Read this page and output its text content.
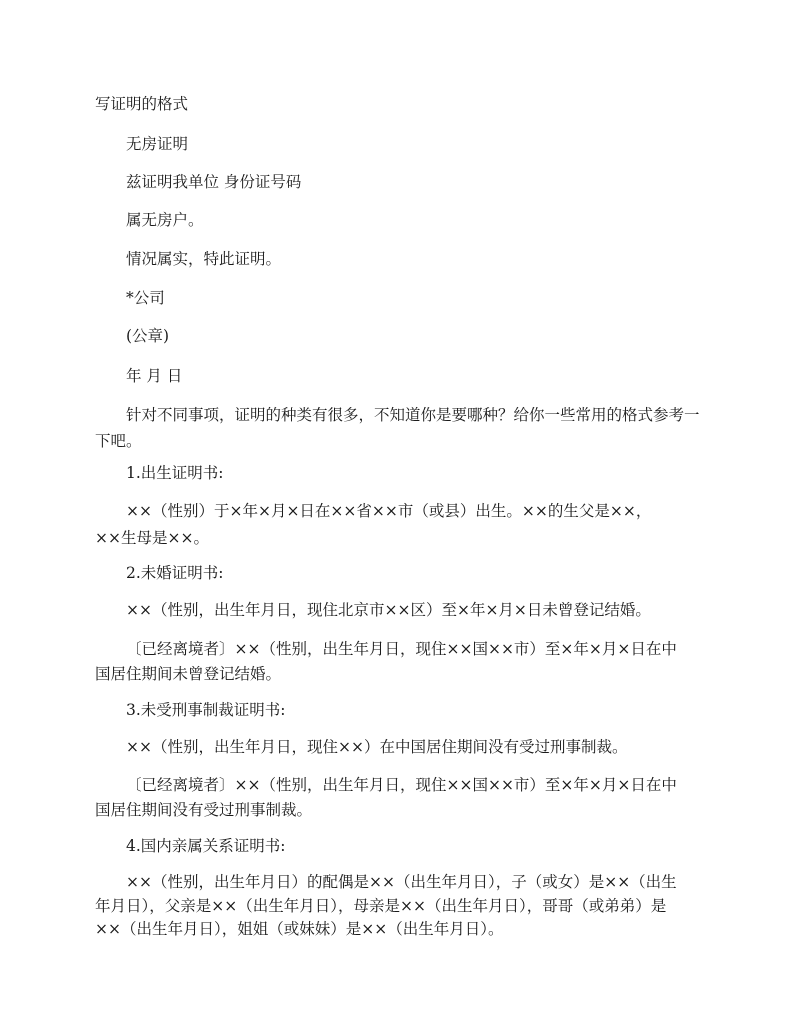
写证明的格式
无房证明
兹证明我单位 身份证号码
属无房户。
情况属实，特此证明。
*公司
(公章)
年 月 日
针对不同事项，证明的种类有很多，不知道你是要哪种？给你一些常用的格式参考一
下吧。
1.出生证明书:
××（性别）于×年×月×日在××省××市（或县）出生。××的生父是××，
××生母是××。
2.未婚证明书:
××（性别，出生年月日，现住北京市××区）至×年×月×日未曾登记结婚。
〔已经离境者〕××（性别，出生年月日，现住××国××市）至×年×月×日在中
国居住期间未曾登记结婚。
3.未受刑事制裁证明书:
××（性别，出生年月日，现住××）在中国居住期间没有受过刑事制裁。
〔已经离境者〕××（性别，出生年月日，现住××国××市）至×年×月×日在中
国居住期间没有受过刑事制裁。
4.国内亲属关系证明书:
××（性别，出生年月日）的配偶是××（出生年月日），子（或女）是××（出生
年月日），父亲是××（出生年月日），母亲是××（出生年月日），哥哥（或弟弟）是
××（出生年月日），姐姐（或妹妹）是××（出生年月日）。
